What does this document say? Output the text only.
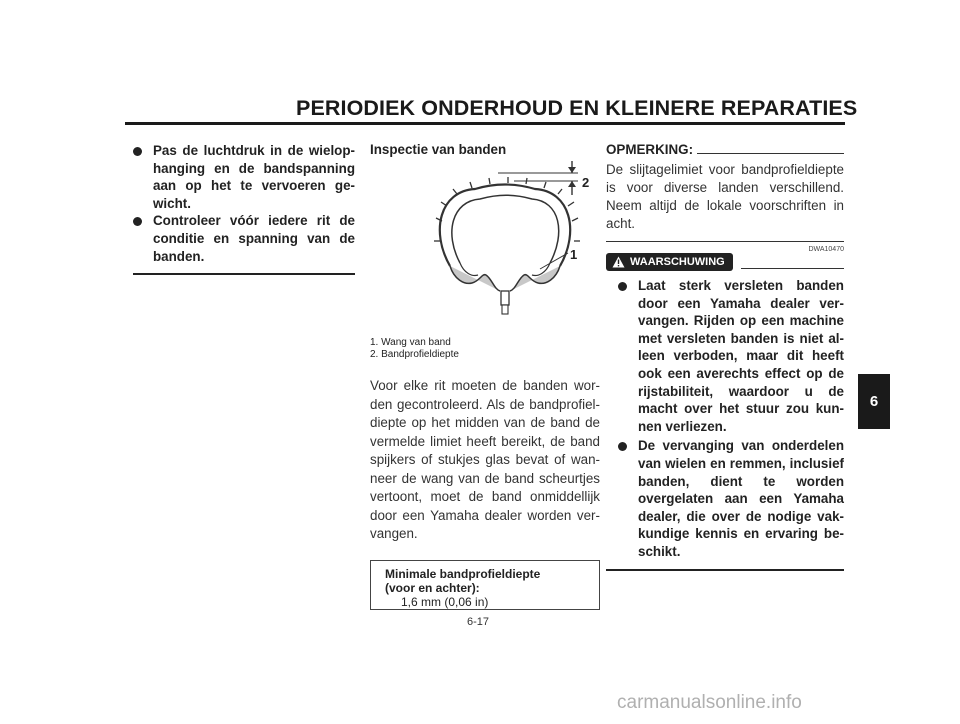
PERIODIEK ONDERHOUD EN KLEINERE REPARATIES
6
Pas de luchtdruk in de wielophanging en de bandspanning aan op het te vervoeren gewicht.
Controleer vóór iedere rit de conditie en spanning van de banden.
Inspectie van banden
2
1
1. Wang van band
2. Bandprofieldiepte
Voor elke rit moeten de banden worden gecontroleerd. Als de bandprofieldiepte op het midden van de band de vermelde limiet heeft bereikt, de band spijkers of stukjes glas bevat of wanneer de wang van de band scheurtjes vertoont, moet de band onmiddellijk door een Yamaha dealer worden vervangen.
Minimale bandprofieldiepte
(voor en achter):
1,6 mm (0,06 in)
OPMERKING:
De slijtagelimiet voor bandprofieldiepte is voor diverse landen verschillend. Neem altijd de lokale voorschriften in acht.
DWA10470
WAARSCHUWING
Laat sterk versleten banden door een Yamaha dealer vervangen. Rijden op een machine met versleten banden is niet alleen verboden, maar dit heeft ook een averechts effect op de rijstabiliteit, waardoor u de macht over het stuur zou kunnen verliezen.
De vervanging van onderdelen van wielen en remmen, inclusief banden, dient te worden overgelaten aan een Yamaha dealer, die over de nodige vakkundige kennis en ervaring beschikt.
6-17
carmanualsonline.info
